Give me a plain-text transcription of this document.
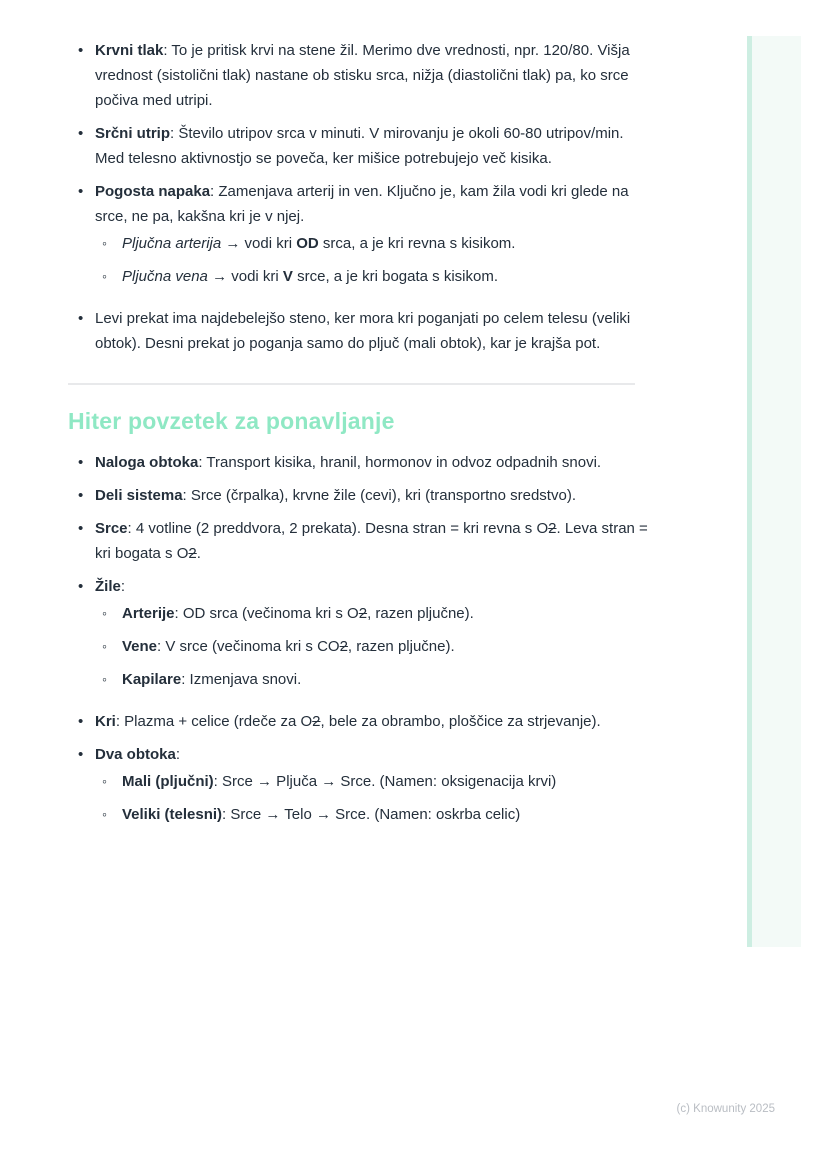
• Krvni tlak: To je pritisk krvi na stene žil. Merimo dve vrednosti, npr. 120/80. Višja vrednost (sistolični tlak) nastane ob stisku srca, nižja (diastolični tlak) pa, ko srce počiva med utripi.
• Srčni utrip: Število utripov srca v minuti. V mirovanju je okoli 60-80 utripov/min. Med telesno aktivnostjo se poveča, ker mišice potrebujejo več kisika.
• Pogosta napaka: Zamenjava arterij in ven. Ključno je, kam žila vodi kri glede na srce, ne pa, kakšna kri je v njej.
◦ Pljučna arterija → vodi kri OD srca, a je kri revna s kisikom.
◦ Pljučna vena → vodi kri V srce, a je kri bogata s kisikom.
• Levi prekat ima najdebelejšo steno, ker mora kri poganjati po celem telesu (veliki obtok). Desni prekat jo poganja samo do pljuč (mali obtok), kar je krajša pot.
Hiter povzetek za ponavljanje
• Naloga obtoka: Transport kisika, hranil, hormonov in odvoz odpadnih snovi.
• Deli sistema: Srce (črpalka), krvne žile (cevi), kri (transportno sredstvo).
• Srce: 4 votline (2 preddvora, 2 prekata). Desna stran = kri revna s O2. Leva stran = kri bogata s O2.
• Žile:
◦ Arterije: OD srca (večinoma kri s O2, razen pljučne).
◦ Vene: V srce (večinoma kri s CO2, razen pljučne).
◦ Kapilare: Izmenjava snovi.
• Kri: Plazma + celice (rdeče za O2, bele za obrambo, ploščice za strjevanje).
• Dva obtoka:
◦ Mali (pljučni): Srce → Pljuča → Srce. (Namen: oksigenacija krvi)
◦ Veliki (telesni): Srce → Telo → Srce. (Namen: oskrba celic)
(c) Knowunity 2025
